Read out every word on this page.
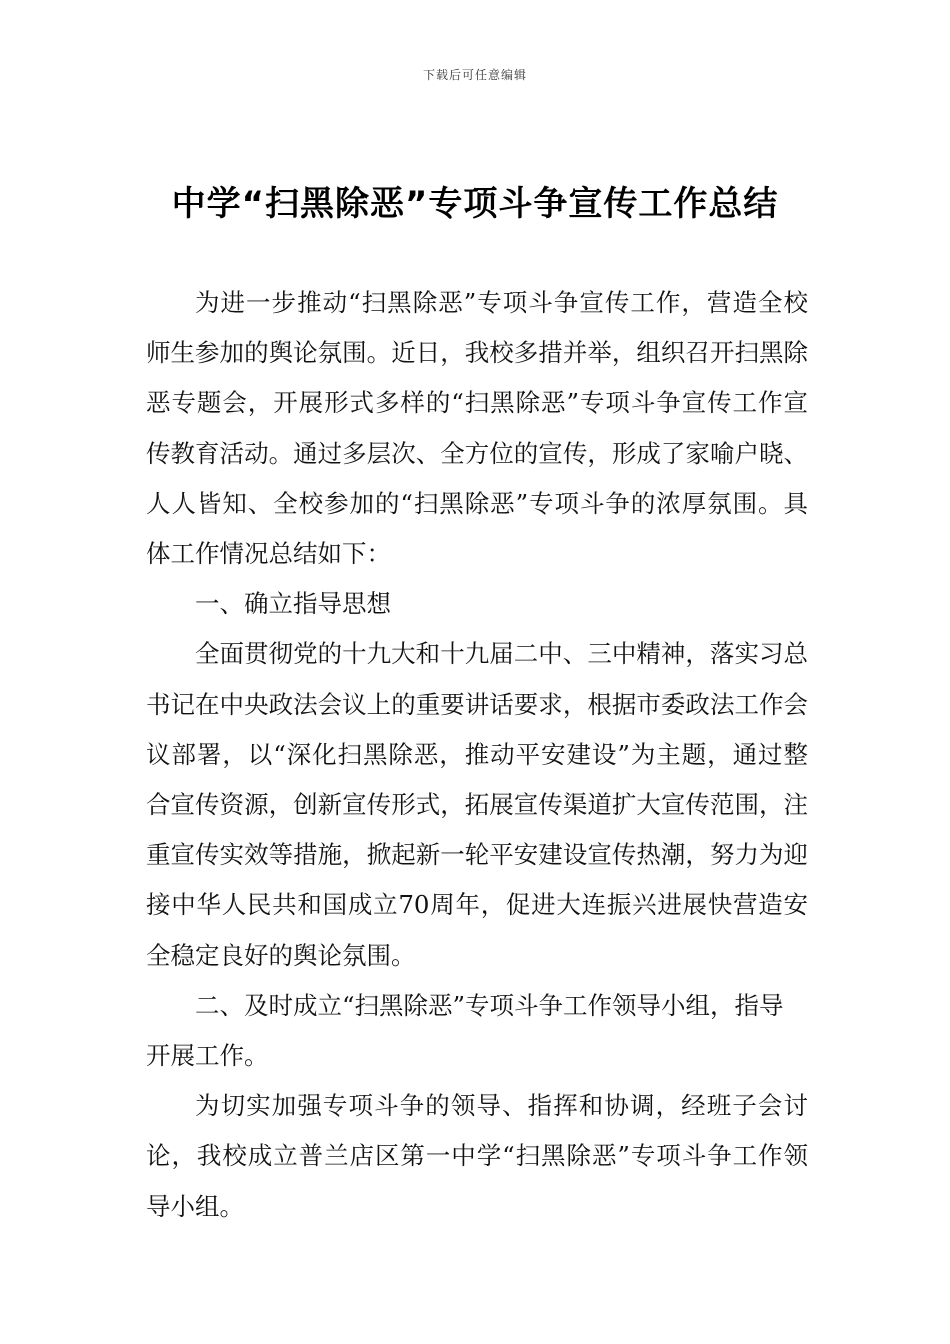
下载后可任意编辑
中学“扫黑除恶”专项斗争宣传工作总结

为进一步推动“扫黑除恶”专项斗争宣传工作，营造全校师生参加的舆论氛围。近日，我校多措并举，组织召开扫黑除恶专题会，开展形式多样的“扫黑除恶”专项斗争宣传工作宣传教育活动。通过多层次、全方位的宣传，形成了家喻户晓、人人皆知、全校参加的“扫黑除恶”专项斗争的浓厚氛围。具体工作情况总结如下：

一、确立指导思想

全面贯彻党的十九大和十九届二中、三中精神，落实习总书记在中央政法会议上的重要讲话要求，根据市委政法工作会议部署，以“深化扫黑除恶，推动平安建设”为主题，通过整合宣传资源，创新宣传形式，拓展宣传渠道扩大宣传范围，注重宣传实效等措施，掀起新一轮平安建设宣传热潮，努力为迎接中华人民共和国成立70周年，促进大连振兴进展快营造安全稳定良好的舆论氛围。

二、及时成立“扫黑除恶”专项斗争工作领导小组，指导开展工作。

为切实加强专项斗争的领导、指挥和协调，经班子会讨论，我校成立普兰店区第一中学“扫黑除恶”专项斗争工作领导小组。
